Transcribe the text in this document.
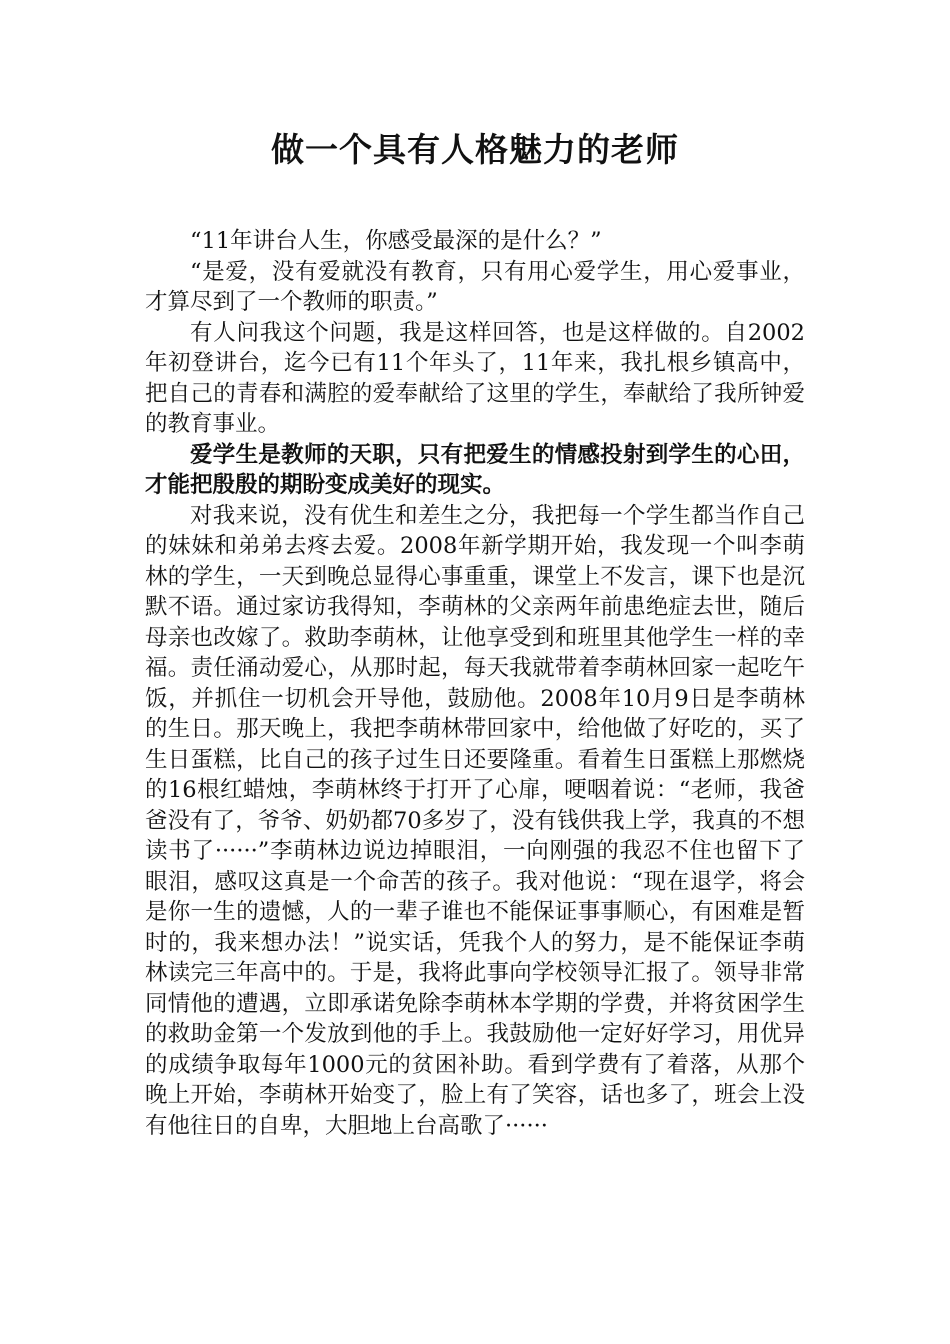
做一个具有人格魅力的老师

“11年讲台人生，你感受最深的是什么？”

“是爱，没有爱就没有教育，只有用心爱学生，用心爱事业，才算尽到了一个教师的职责。”

有人问我这个问题，我是这样回答，也是这样做的。自2002年初登讲台，迄今已有11个年头了，11年来，我扎根乡镇高中，把自己的青春和满腔的爱奉献给了这里的学生，奉献给了我所钟爱的教育事业。

爱学生是教师的天职，只有把爱生的情感投射到学生的心田，才能把殷殷的期盼变成美好的现实。

对我来说，没有优生和差生之分，我把每一个学生都当作自己的妹妹和弟弟去疼去爱。2008年新学期开始，我发现一个叫李萌林的学生，一天到晚总显得心事重重，课堂上不发言，课下也是沉默不语。通过家访我得知，李萌林的父亲两年前患绝症去世，随后母亲也改嫁了。救助李萌林，让他享受到和班里其他学生一样的幸福。责任涌动爱心，从那时起，每天我就带着李萌林回家一起吃午饭，并抓住一切机会开导他，鼓励他。2008年10月9日是李萌林的生日。那天晚上，我把李萌林带回家中，给他做了好吃的，买了生日蛋糕，比自己的孩子过生日还要隆重。看着生日蛋糕上那燃烧的16根红蜡烛，李萌林终于打开了心扉，哽咽着说：“老师，我爸爸没有了，爷爷、奶奶都70多岁了，没有钱供我上学，我真的不想读书了······”李萌林边说边掉眼泪，一向刚强的我忍不住也留下了眼泪，感叹这真是一个命苦的孩子。我对他说：“现在退学，将会是你一生的遗憾，人的一辈子谁也不能保证事事顺心，有困难是暂时的，我来想办法！”说实话，凭我个人的努力，是不能保证李萌林读完三年高中的。于是，我将此事向学校领导汇报了。领导非常同情他的遭遇，立即承诺免除李萌林本学期的学费，并将贫困学生的救助金第一个发放到他的手上。我鼓励他一定好好学习，用优异的成绩争取每年1000元的贫困补助。看到学费有了着落，从那个晚上开始，李萌林开始变了，脸上有了笑容，话也多了，班会上没有他往日的自卑，大胆地上台高歌了······
